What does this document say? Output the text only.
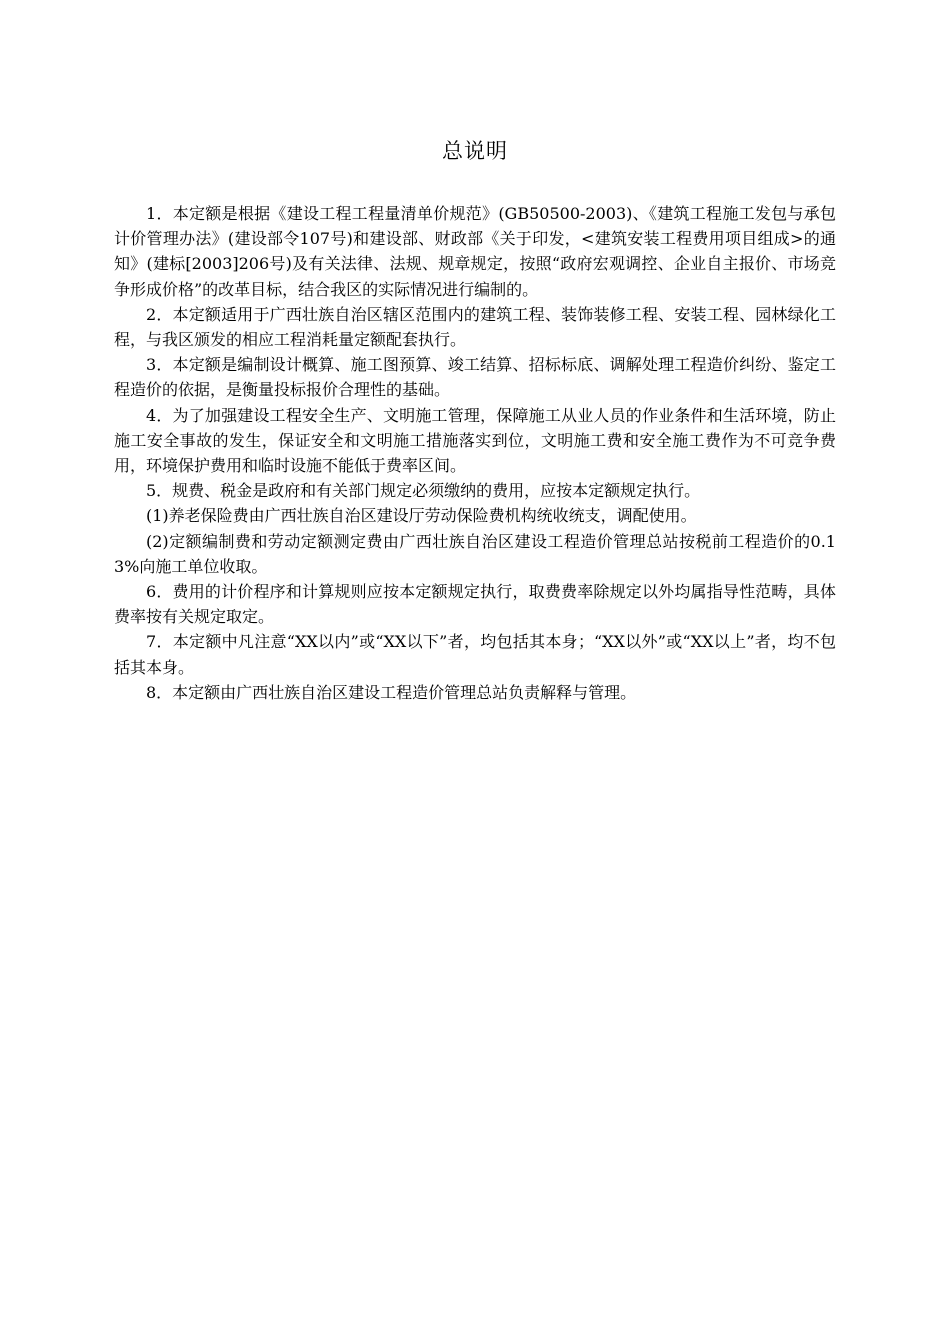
总说明

1．本定额是根据《建设工程工程量清单价规范》(GB50500-2003)、《建筑工程施工发包与承包计价管理办法》(建设部令107号)和建设部、财政部《关于印发，<建筑安装工程费用项目组成>的通知》(建标[2003]206号)及有关法律、法规、规章规定，按照“政府宏观调控、企业自主报价、市场竞争形成价格”的改革目标，结合我区的实际情况进行编制的。

2．本定额适用于广西壮族自治区辖区范围内的建筑工程、装饰装修工程、安装工程、园林绿化工程，与我区颁发的相应工程消耗量定额配套执行。

3．本定额是编制设计概算、施工图预算、竣工结算、招标标底、调解处理工程造价纠纷、鉴定工程造价的依据，是衡量投标报价合理性的基础。

4．为了加强建设工程安全生产、文明施工管理，保障施工从业人员的作业条件和生活环境，防止施工安全事故的发生，保证安全和文明施工措施落实到位，文明施工费和安全施工费作为不可竞争费用，环境保护费用和临时设施不能低于费率区间。

5．规费、税金是政府和有关部门规定必须缴纳的费用，应按本定额规定执行。

(1)养老保险费由广西壮族自治区建设厅劳动保险费机构统收统支，调配使用。

(2)定额编制费和劳动定额测定费由广西壮族自治区建设工程造价管理总站按税前工程造价的0.13%向施工单位收取。

6．费用的计价程序和计算规则应按本定额规定执行，取费费率除规定以外均属指导性范畴，具体费率按有关规定取定。

7．本定额中凡注意“XX以内”或“XX以下”者，均包括其本身；“XX以外”或“XX以上”者，均不包括其本身。

8．本定额由广西壮族自治区建设工程造价管理总站负责解释与管理。
